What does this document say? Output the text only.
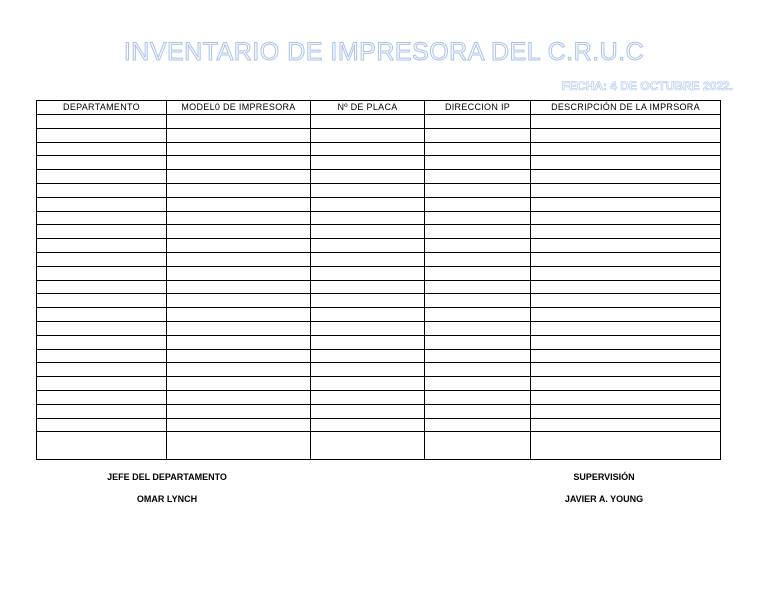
INVENTARIO DE IMPRESORA DEL C.R.U.C
FECHA: 4 DE OCTUBRE 2022.
DEPARTAMENTO	MODEL0 DE IMPRESORA	Nº DE PLACA	DIRECCION IP	DESCRIPCIÓN DE LA IMPRSORA

JEFE DEL DEPARTAMENTO
OMAR LYNCH
SUPERVISIÓN
JAVIER A. YOUNG
